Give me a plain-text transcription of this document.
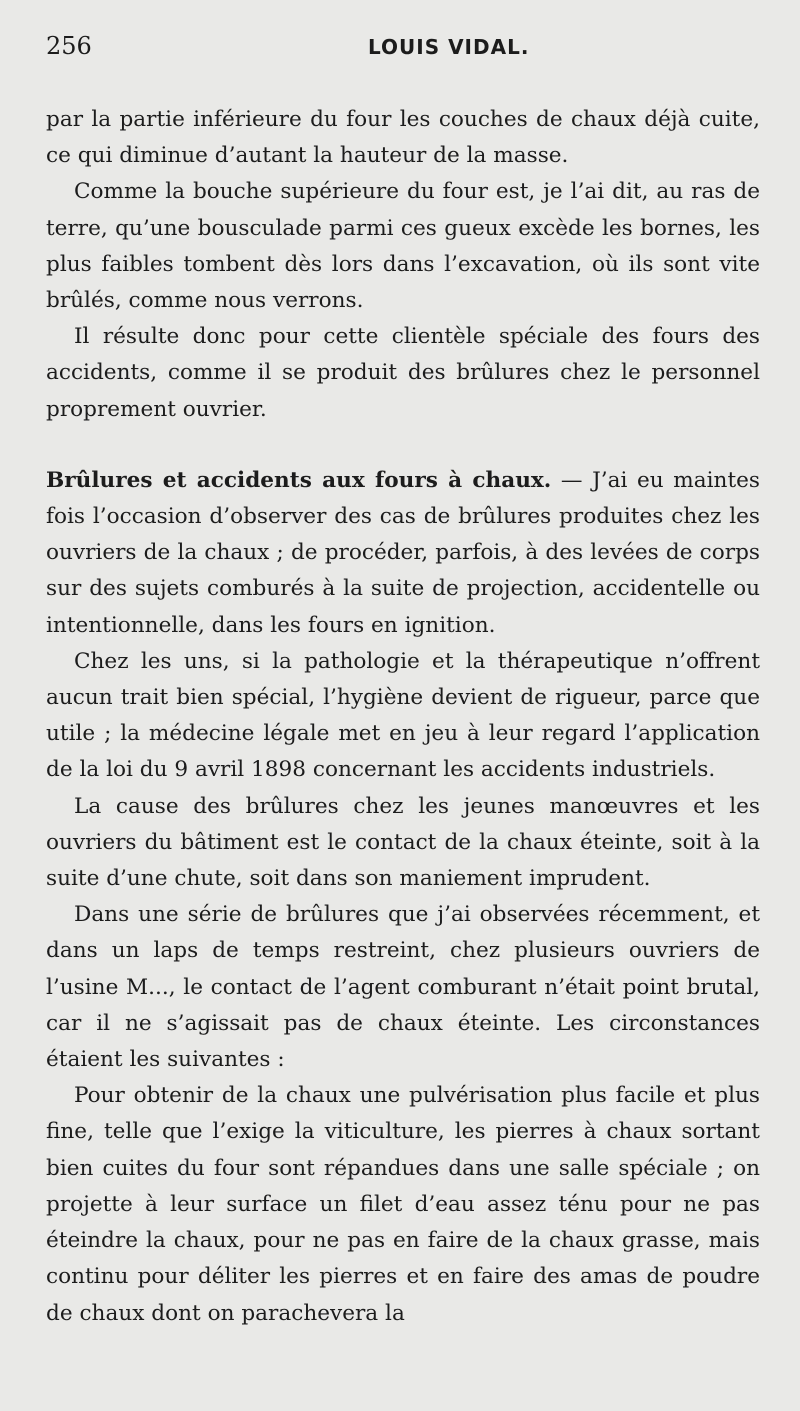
256	LOUIS VIDAL.

par la partie inférieure du four les couches de chaux déjà cuite, ce qui diminue d’autant la hauteur de la masse.

Comme la bouche supérieure du four est, je l’ai dit, au ras de terre, qu’une bousculade parmi ces gueux excède les bornes, les plus faibles tombent dès lors dans l’excavation, où ils sont vite brûlés, comme nous verrons.

Il résulte donc pour cette clientèle spéciale des fours des accidents, comme il se produit des brûlures chez le personnel proprement ouvrier.

Brûlures et accidents aux fours à chaux. — J’ai eu maintes fois l’occasion d’observer des cas de brûlures produites chez les ouvriers de la chaux ; de procéder, parfois, à des levées de corps sur des sujets comburés à la suite de projection, accidentelle ou intentionnelle, dans les fours en ignition.

Chez les uns, si la pathologie et la thérapeutique n’offrent aucun trait bien spécial, l’hygiène devient de rigueur, parce que utile ; la médecine légale met en jeu à leur regard l’application de la loi du 9 avril 1898 concernant les accidents industriels.

La cause des brûlures chez les jeunes manœuvres et les ouvriers du bâtiment est le contact de la chaux éteinte, soit à la suite d’une chute, soit dans son maniement imprudent.

Dans une série de brûlures que j’ai observées récemment, et dans un laps de temps restreint, chez plusieurs ouvriers de l’usine M..., le contact de l’agent comburant n’était point brutal, car il ne s’agissait pas de chaux éteinte. Les circonstances étaient les suivantes :

Pour obtenir de la chaux une pulvérisation plus facile et plus fine, telle que l’exige la viticulture, les pierres à chaux sortant bien cuites du four sont répandues dans une salle spéciale ; on projette à leur surface un filet d’eau assez ténu pour ne pas éteindre la chaux, pour ne pas en faire de la chaux grasse, mais continu pour déliter les pierres et en faire des amas de poudre de chaux dont on parachevera la
